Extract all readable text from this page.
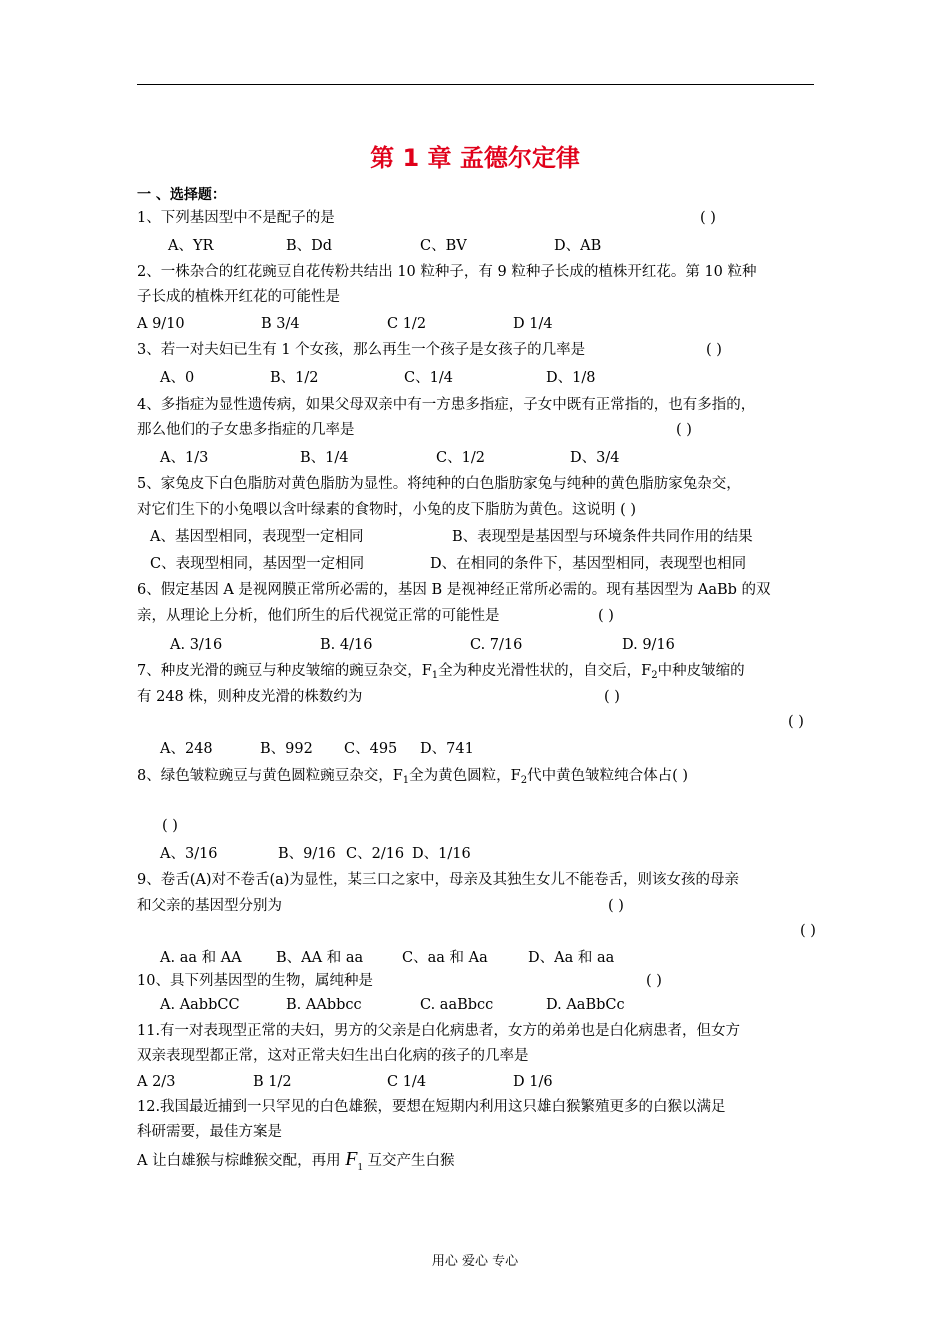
第 1 章 孟德尔定律
一 、选择题：
1、下列基因型中不是配子的是	( )
A、YR	B、Dd	C、BV	D、AB
2、一株杂合的红花豌豆自花传粉共结出 10 粒种子，有 9 粒种子长成的植株开红花。第 10 粒种
子长成的植株开红花的可能性是
A 9/10	B 3/4	C 1/2	D 1/4
3、若一对夫妇已生有 1 个女孩，那么再生一个孩子是女孩子的几率是	( )
A、0	B、1/2	C、1/4	D、1/8
4、多指症为显性遗传病，如果父母双亲中有一方患多指症，子女中既有正常指的，也有多指的，
那么他们的子女患多指症的几率是	( )
A、1/3	B、1/4	C、1/2	D、3/4
5、家兔皮下白色脂肪对黄色脂肪为显性。将纯种的白色脂肪家兔与纯种的黄色脂肪家兔杂交，
对它们生下的小兔喂以含叶绿素的食物时，小兔的皮下脂肪为黄色。这说明 ( )
A、基因型相同，表现型一定相同	B、表现型是基因型与环境条件共同作用的结果
C、表现型相同，基因型一定相同	D、在相同的条件下，基因型相同，表现型也相同
6、假定基因 A 是视网膜正常所必需的，基因 B 是视神经正常所必需的。现有基因型为 AaBb 的双
亲，从理论上分析，他们所生的后代视觉正常的可能性是	( )
A. 3/16	B. 4/16	C. 7/16	D. 9/16
7、种皮光滑的豌豆与种皮皱缩的豌豆杂交，$F_1$全为种皮光滑性状的，自交后，$F_2$中种皮皱缩的
有 248 株，则种皮光滑的株数约为	( )
( )
A、248	B、992 C、495 D、741
8、绿色皱粒豌豆与黄色圆粒豌豆杂交，$F_1$全为黄色圆粒，$F_2$代中黄色皱粒纯合体占( )
( )
A、3/16	B、9/16 C、2/16 D、1/16
9、卷舌(A)对不卷舌(a)为显性，某三口之家中，母亲及其独生女儿不能卷舌，则该女孩的母亲
和父亲的基因型分别为	( )
( )
A. aa 和 AA B、AA 和 aa	C、aa 和 Aa	D、Aa 和 aa
10、具下列基因型的生物，属纯种是	( )
A. AabbCC	B. AAbbcc	C. aaBbcc	D. AaBbCc
11.有一对表现型正常的夫妇，男方的父亲是白化病患者，女方的弟弟也是白化病患者，但女方
双亲表现型都正常，这对正常夫妇生出白化病的孩子的几率是
A 2/3	B 1/2	C 1/4	D 1/6
12.我国最近捕到一只罕见的白色雄猴，要想在短期内利用这只雄白猴繁殖更多的白猴以满足
科研需要，最佳方案是
A 让白雄猴与棕雌猴交配，再用 $F_1$ 互交产生白猴
用心 爱心 专心
